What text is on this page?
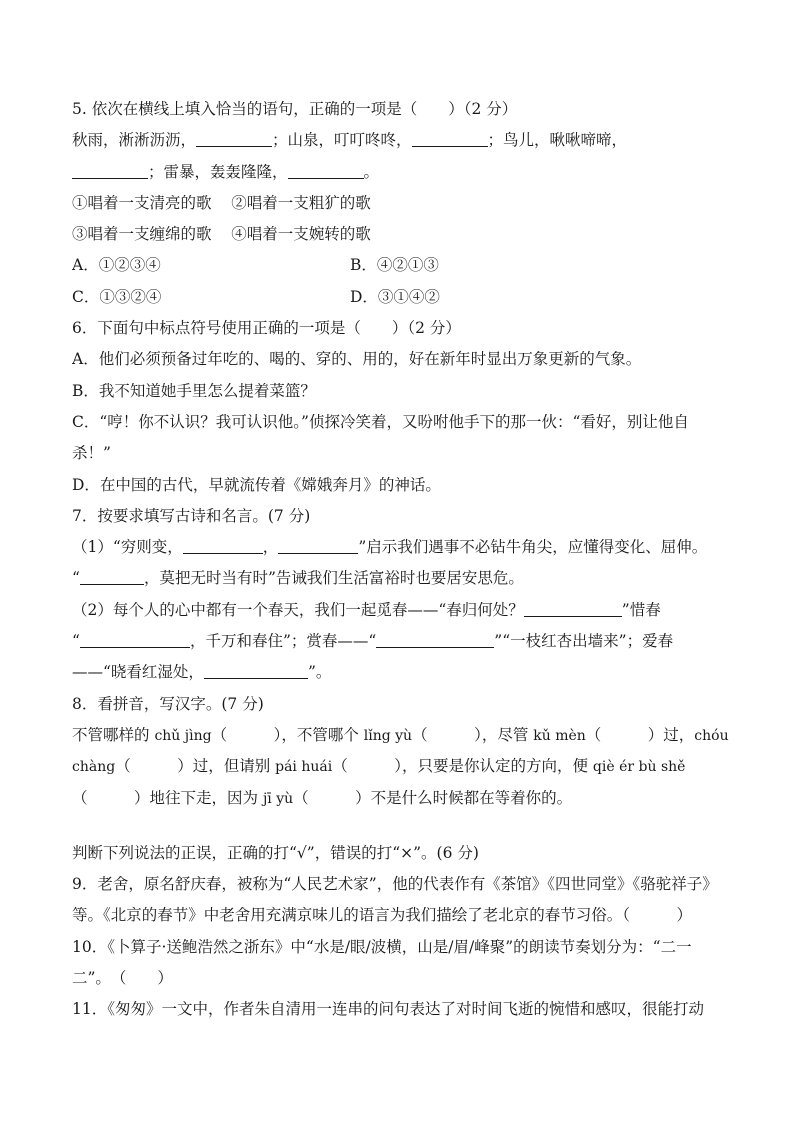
5. 依次在横线上填入恰当的语句，正确的一项是（　　）（2 分）
秋雨，淅淅沥沥，	；山泉，叮叮咚咚，	；鸟儿，啾啾啼啼，
；雷暴，轰轰隆隆，	。
①唱着一支清亮的歌 ②唱着一支粗犷的歌
③唱着一支缠绵的歌 ④唱着一支婉转的歌
A．①②③④	B．④②①③
C．①③②④	D．③①④②
6．下面句中标点符号使用正确的一项是（　　）（2 分）
A．他们必须预备过年吃的、喝的、穿的、用的，好在新年时显出万象更新的气象。
B．我不知道她手里怎么提着菜篮？
C．“哼！你不认识？我可认识他。”侦探冷笑着，又吩咐他手下的那一伙：“看好，别让他自
杀！”
D．在中国的古代，早就流传着《嫦娥奔月》的神话。
7．按要求填写古诗和名言。(7 分)
（1）“穷则变，	，	”启示我们遇事不必钻牛角尖，应懂得变化、屈伸。
“	，莫把无时当有时”告诫我们生活富裕时也要居安思危。
（2）每个人的心中都有一个春天，我们一起觅春——“春归何处？	”惜春
“	，千万和春住”；赏春——“	”“一枝红杏出墙来”；爱春
——“晓看红湿处，	”。
8．看拼音，写汉字。(7 分)
不管哪样的 chǔ jìng（　　　），不管哪个 lǐng yù（　　　），尽管 kǔ mèn（　　　）过，chóu
chàng（　　　）过，但请别 pái huái（　　　），只要是你认定的方向，便 qiè ér bù shě
（　　　）地往下走，因为 jī yù（　　　）不是什么时候都在等着你的。
判断下列说法的正误，正确的打“√”，错误的打“×”。(6 分)
9．老舍，原名舒庆春，被称为“人民艺术家”，他的代表作有《茶馆》《四世同堂》《骆驼祥子》
等。《北京的春节》中老舍用充满京味儿的语言为我们描绘了老北京的春节习俗。（　　　）
10．《卜算子·送鲍浩然之浙东》中“水是/眼/波横，山是/眉/峰聚”的朗读节奏划分为：“二一
二”。　（　　）
11．《匆匆》一文中，作者朱自清用一连串的问句表达了对时间飞逝的惋惜和感叹，很能打动
